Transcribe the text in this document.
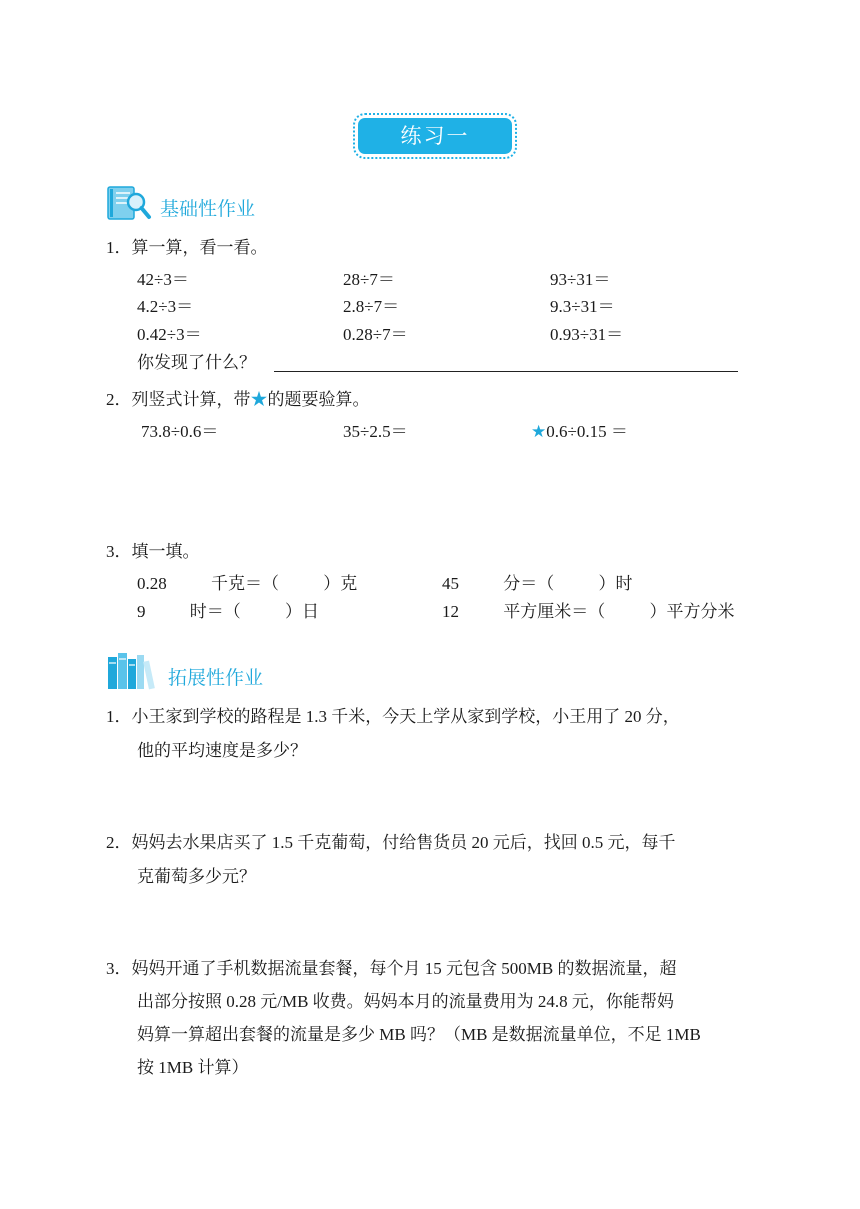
练习一
基础性作业
1．算一算，看一看。
42÷3＝	28÷7＝	93÷31＝
4.2÷3＝	2.8÷7＝	9.3÷31＝
0.42÷3＝	0.28÷7＝	0.93÷31＝
你发现了什么？
2．列竖式计算，带★的题要验算。
73.8÷0.6＝	35÷2.5＝	★0.6÷0.15 ＝
3．填一填。
0.28 千克＝（ ）克	45 分＝（ ）时
9 时＝（ ）日	12 平方厘米＝（ ）平方分米
拓展性作业
1．小王家到学校的路程是 1.3 千米，今天上学从家到学校，小王用了 20 分，
他的平均速度是多少？
2．妈妈去水果店买了 1.5 千克葡萄，付给售货员 20 元后，找回 0.5 元，每千
克葡萄多少元？
3．妈妈开通了手机数据流量套餐，每个月 15 元包含 500MB 的数据流量，超
出部分按照 0.28 元/MB 收费。妈妈本月的流量费用为 24.8 元，你能帮妈
妈算一算超出套餐的流量是多少 MB 吗？（MB 是数据流量单位，不足 1MB
按 1MB 计算）
